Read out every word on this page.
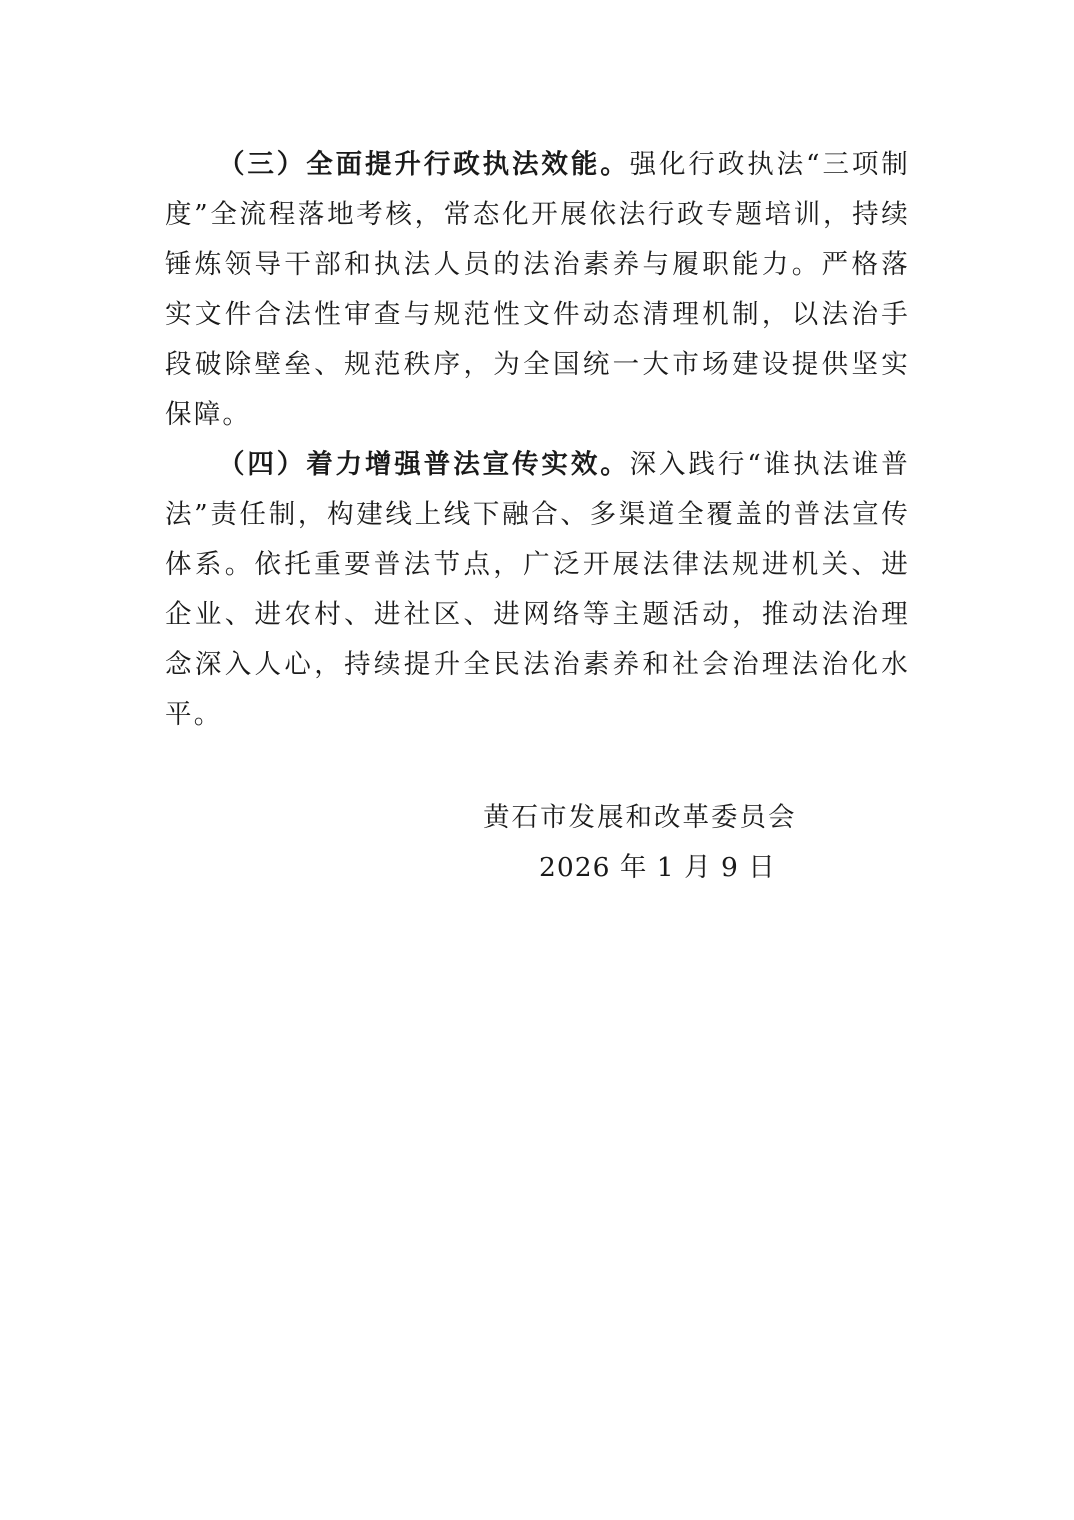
（三）全面提升行政执法效能。强化行政执法“三项制度”全流程落地考核，常态化开展依法行政专题培训，持续锤炼领导干部和执法人员的法治素养与履职能力。严格落实文件合法性审查与规范性文件动态清理机制，以法治手段破除壁垒、规范秩序，为全国统一大市场建设提供坚实保障。

（四）着力增强普法宣传实效。深入践行“谁执法谁普法”责任制，构建线上线下融合、多渠道全覆盖的普法宣传体系。依托重要普法节点，广泛开展法律法规进机关、进企业、进农村、进社区、进网络等主题活动，推动法治理念深入人心，持续提升全民法治素养和社会治理法治化水平。

黄石市发展和改革委员会
2026 年 1 月 9 日
